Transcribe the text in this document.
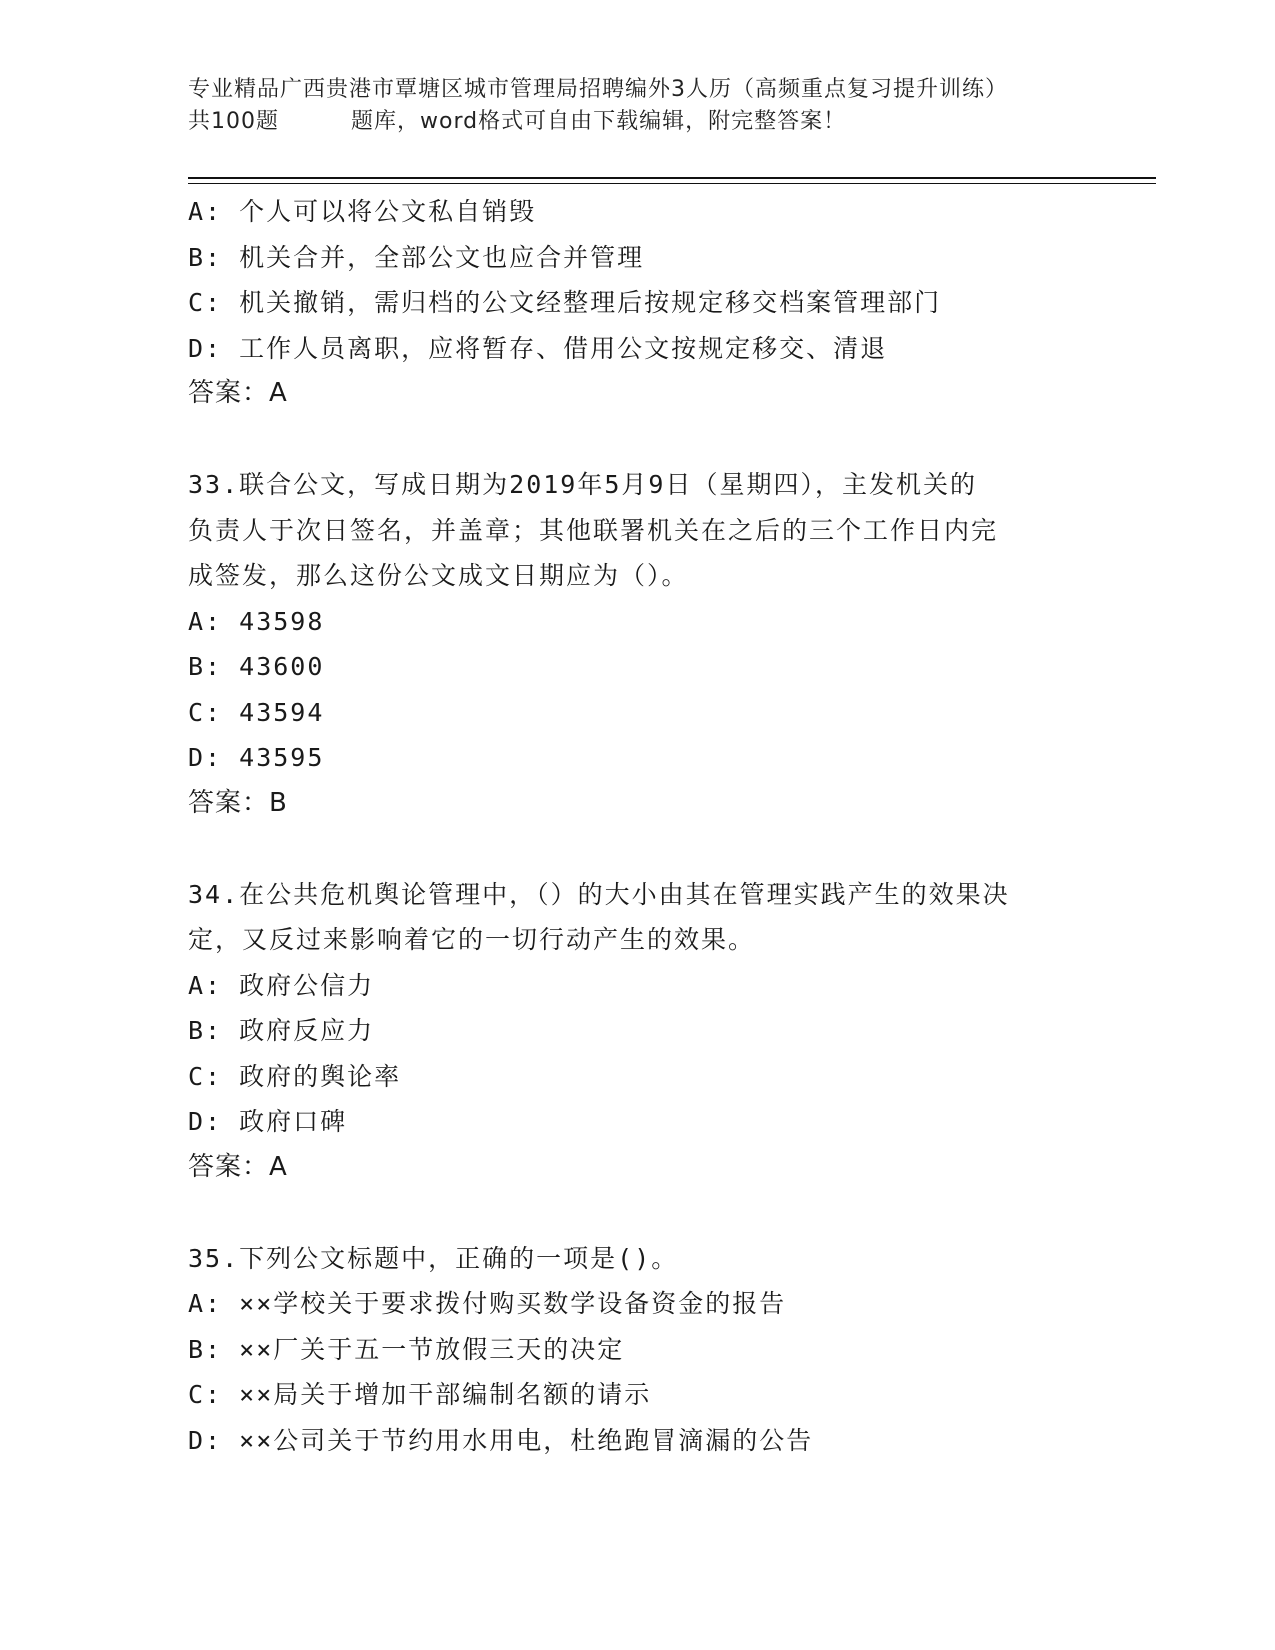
专业精品广西贵港市覃塘区城市管理局招聘编外3人历（高频重点复习提升训练）
共100题	题库，word格式可自由下载编辑，附完整答案！
A: 个人可以将公文私自销毁
B: 机关合并，全部公文也应合并管理
C: 机关撤销，需归档的公文经整理后按规定移交档案管理部门
D: 工作人员离职，应将暂存、借用公文按规定移交、清退
答案：A
33.联合公文，写成日期为2019年5月9日（星期四），主发机关的
负责人于次日签名，并盖章；其他联署机关在之后的三个工作日内完
成签发，那么这份公文成文日期应为（）。
A: 43598
B: 43600
C: 43594
D: 43595
答案：B
34.在公共危机舆论管理中，（）的大小由其在管理实践产生的效果决
定，又反过来影响着它的一切行动产生的效果。
A: 政府公信力
B: 政府反应力
C: 政府的舆论率
D: 政府口碑
答案：A
35.下列公文标题中，正确的一项是()。
A: ××学校关于要求拨付购买数学设备资金的报告
B: ××厂关于五一节放假三天的决定
C: ××局关于增加干部编制名额的请示
D: ××公司关于节约用水用电，杜绝跑冒滴漏的公告
